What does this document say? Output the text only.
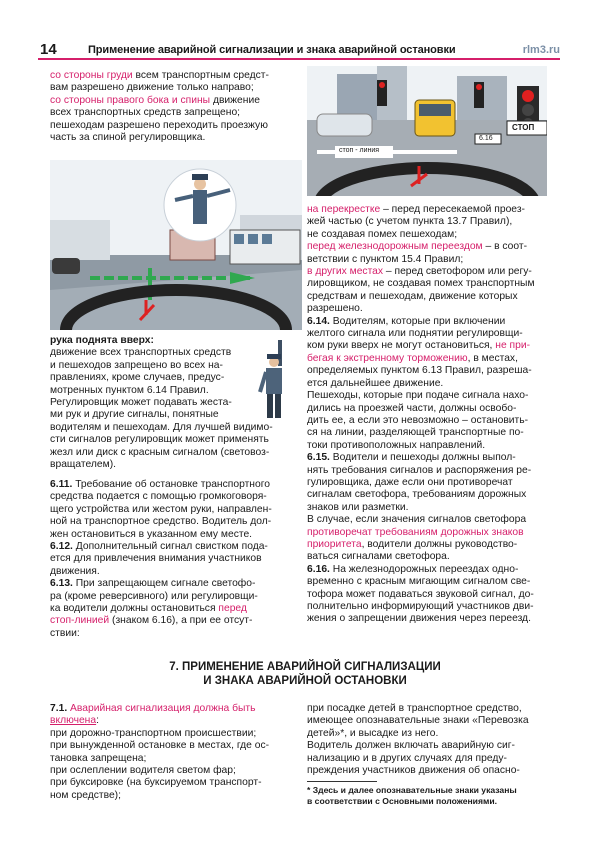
14	Применение аварийной сигнализации и знака аварийной остановки	rlm3.ru

со стороны груди всем транспортным средст-

вам разрешено движение только направо;

со стороны правого бока и спины движение

всех транспортных средств запрещено;

пешеходам разрешено переходить проезжую

часть за спиной регулировщика.

СТОП
стоп - линия
6.16

на перекрестке – перед пересекаемой проез-

жей частью (с учетом пункта 13.7 Правил),

не создавая помех пешеходам;

перед железнодорожным переездом – в соот-

ветствии с пунктом 15.4 Правил;

в других местах – перед светофором или регу-

лировщиком, не создавая помех транспортным

средствам и пешеходам, движение которых

разрешено.

6.14. Водителям, которые при включении

желтого сигнала или поднятии регулировщи-

ком руки вверх не могут остановиться, не при-

бегая к экстренному торможению, в местах,

определяемых пунктом 6.13 Правил, разреша-

ется дальнейшее движение.

Пешеходы, которые при подаче сигнала нахо-

дились на проезжей части, должны освобо-

дить ее, а если это невозможно – остановить-

ся на линии, разделяющей транспортные по-

токи противоположных направлений.

6.15. Водители и пешеходы должны выпол-

нять требования сигналов и распоряжения ре-

гулировщика, даже если они противоречат

сигналам светофора, требованиям дорожных

знаков или разметки.

В случае, если значения сигналов светофора

противоречат требованиям дорожных знаков

приоритета, водители должны руководство-

ваться сигналами светофора.

6.16. На железнодорожных переездах одно-

временно с красным мигающим сигналом све-

тофора может подаваться звуковой сигнал, до-

полнительно информирующий участников дви-

жения о запрещении движения через переезд.

рука поднята вверх:

движение всех транспортных средств

и пешеходов запрещено во всех на-

правлениях, кроме случаев, предус-

мотренных пунктом 6.14 Правил.

Регулировщик может подавать жеста-

ми рук и другие сигналы, понятные

водителям и пешеходам. Для лучшей видимо-

сти сигналов регулировщик может применять

жезл или диск с красным сигналом (световоз-

вращателем).

6.11. Требование об остановке транспортного

средства подается с помощью громкоговоря-

щего устройства или жестом руки, направлен-

ной на транспортное средство. Водитель дол-

жен остановиться в указанном ему месте.

6.12. Дополнительный сигнал свистком пода-

ется для привлечения внимания участников

движения.

6.13. При запрещающем сигнале светофо-

ра (кроме реверсивного) или регулировщи-

ка водители должны остановиться перед

стоп-линией (знаком 6.16), а при ее отсут-

ствии:

7. ПРИМЕНЕНИЕ АВАРИЙНОЙ СИГНАЛИЗАЦИИ
И ЗНАКА АВАРИЙНОЙ ОСТАНОВКИ

7.1. Аварийная сигнализация должна быть

включена:

при дорожно-транспортном происшествии;

при вынужденной остановке в местах, где ос-

тановка запрещена;

при ослеплении водителя светом фар;

при буксировке (на буксируемом транспорт-

ном средстве);

при посадке детей в транспортное средство,

имеющее опознавательные знаки «Перевозка

детей»*, и высадке из него.

Водитель должен включать аварийную сиг-

нализацию и в других случаях для преду-

преждения участников движения об опасно-

* Здесь и далее опознавательные знаки указаны

в соответствии с Основными положениями.
